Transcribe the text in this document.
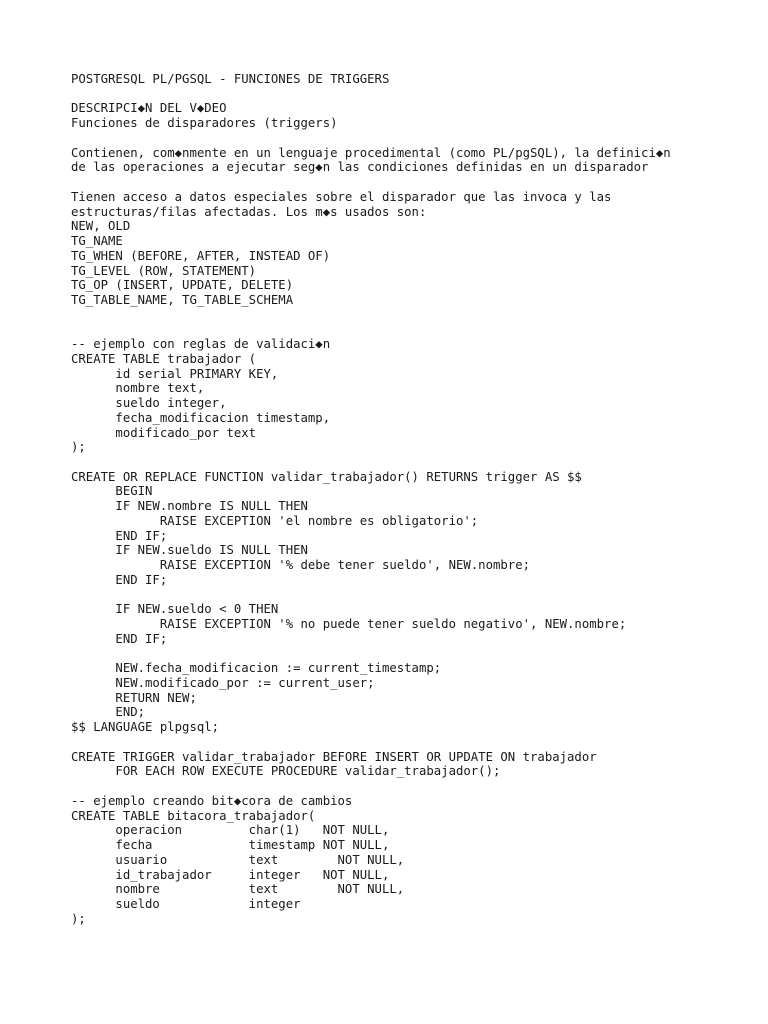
POSTGRESQL PL/PGSQL - FUNCIONES DE TRIGGERS
DESCRIPCI◆N DEL V◆DEO
Funciones de disparadores (triggers)
Contienen, com◆nmente en un lenguaje procedimental (como PL/pgSQL), la definici◆n
de las operaciones a ejecutar seg◆n las condiciones definidas en un disparador
Tienen acceso a datos especiales sobre el disparador que las invoca y las
estructuras/filas afectadas. Los m◆s usados son:
NEW, OLD
TG_NAME
TG_WHEN (BEFORE, AFTER, INSTEAD OF)
TG_LEVEL (ROW, STATEMENT)
TG_OP (INSERT, UPDATE, DELETE)
TG_TABLE_NAME, TG_TABLE_SCHEMA
-- ejemplo con reglas de validaci◆n
CREATE TABLE trabajador (
id serial PRIMARY KEY,
nombre text,
sueldo integer,
fecha_modificacion timestamp,
modificado_por text
);
CREATE OR REPLACE FUNCTION validar_trabajador() RETURNS trigger AS $$
BEGIN
IF NEW.nombre IS NULL THEN
RAISE EXCEPTION 'el nombre es obligatorio';
END IF;
IF NEW.sueldo IS NULL THEN
RAISE EXCEPTION '% debe tener sueldo', NEW.nombre;
END IF;
IF NEW.sueldo < 0 THEN
RAISE EXCEPTION '% no puede tener sueldo negativo', NEW.nombre;
END IF;
NEW.fecha_modificacion := current_timestamp;
NEW.modificado_por := current_user;
RETURN NEW;
END;
$$ LANGUAGE plpgsql;
CREATE TRIGGER validar_trabajador BEFORE INSERT OR UPDATE ON trabajador
FOR EACH ROW EXECUTE PROCEDURE validar_trabajador();
-- ejemplo creando bit◆cora de cambios
CREATE TABLE bitacora_trabajador(
operacion         char(1)   NOT NULL,
fecha             timestamp NOT NULL,
usuario           text        NOT NULL,
id_trabajador     integer   NOT NULL,
nombre            text        NOT NULL,
sueldo            integer
);
